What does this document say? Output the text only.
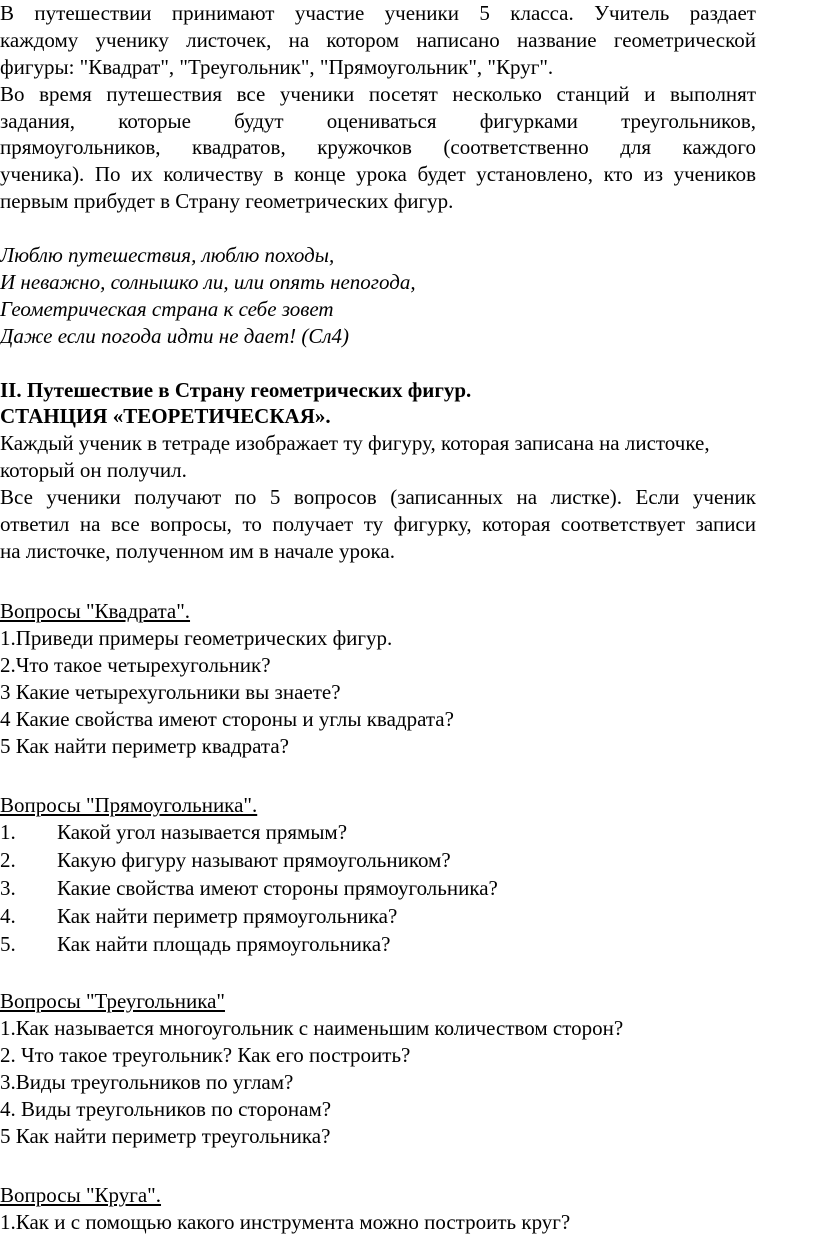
В путешествии принимают участие ученики 5 класса. Учитель раздает
каждому ученику листочек, на котором написано название геометрической
фигуры: "Квадрат", "Треугольник", "Прямоугольник", "Круг".
Во время путешествия все ученики посетят несколько станций и выполнят
задания, которые будут оцениваться фигурками треугольников,
прямоугольников, квадратов, кружочков (соответственно для каждого
ученика). По их количеству в конце урока будет установлено, кто из учеников
первым прибудет в Страну геометрических фигур.
Люблю путешествия, люблю походы,
И неважно, солнышко ли, или опять непогода,
Геометрическая страна к себе зовет
Даже если погода идти не дает! (Сл4)
II. Путешествие в Страну геометрических фигур.
СТАНЦИЯ «ТЕОРЕТИЧЕСКАЯ».
Каждый ученик в тетраде изображает ту фигуру, которая записана на листочке,
который он получил.
Все ученики получают по 5 вопросов (записанных на листке). Если ученик
ответил на все вопросы, то получает ту фигурку, которая соответствует записи
на листочке, полученном им в начале урока.
Вопросы "Квадрата".
1.Приведи примеры геометрических фигур.
2.Что такое четырехугольник?
3 Какие четырехугольники вы знаете?
4 Какие свойства имеют стороны и углы квадрата?
5 Как найти периметр квадрата?
Вопросы "Прямоугольника".
1. Какой угол называется прямым?
2. Какую фигуру называют прямоугольником?
3. Какие свойства имеют стороны прямоугольника?
4. Как найти периметр прямоугольника?
5. Как найти площадь прямоугольника?
Вопросы "Треугольника"
1.Как называется многоугольник с наименьшим количеством сторон?
2. Что такое треугольник? Как его построить?
3.Виды треугольников по углам?
4. Виды треугольников по сторонам?
5 Как найти периметр треугольника?
Вопросы "Круга".
1.Как и с помощью какого инструмента можно построить круг?
